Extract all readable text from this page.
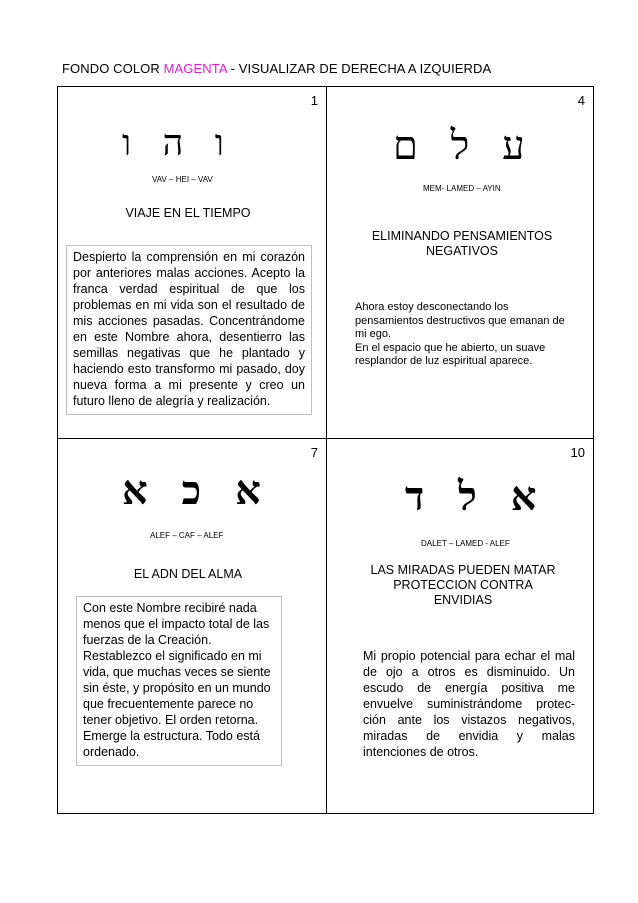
FONDO COLOR MAGENTA - VISUALIZAR DE DERECHA A IZQUIERDA
1
ו ה ו
VAV – HEI – VAV
VIAJE EN EL TIEMPO
Despierto la comprensión en mi corazón por anteriores malas acciones. Acepto la franca verdad espiritual de que los problemas en mi vida son el resultado de mis acciones pasadas. Concentrándome en este Nombre ahora, desentierro las semillas negativas que he plantado y haciendo esto transformo mi pasado, doy nueva forma a mi presente y creo un futuro lleno de alegría y realización.
4
ע ל ם
MEM- LAMED – AYIN
ELIMINANDO PENSAMIENTOS NEGATIVOS
Ahora estoy desconectando los pensamientos destructivos que emanan de mi ego.
En el espacio que he abierto, un suave resplandor de luz espiritual aparece.
7
א כ א
ALEF – CAF – ALEF
EL ADN DEL ALMA
Con este Nombre recibiré nada menos que el impacto total de las fuerzas de la Creación. Restablezco el significado en mi vida, que muchas veces se siente sin éste, y propósito en un mundo que frecuentemente parece no tener objetivo. El orden retorna. Emerge la estructura. Todo está ordenado.
10
א ל ד
DALET – LAMED - ALEF
LAS MIRADAS PUEDEN MATAR PROTECCION CONTRA ENVIDIAS
Mi propio potencial para echar el mal de ojo a otros es disminuido. Un escudo de energía positiva me envuelve suministrándome protec-ción ante los vistazos negativos, miradas de envidia y malas intenciones de otros.
